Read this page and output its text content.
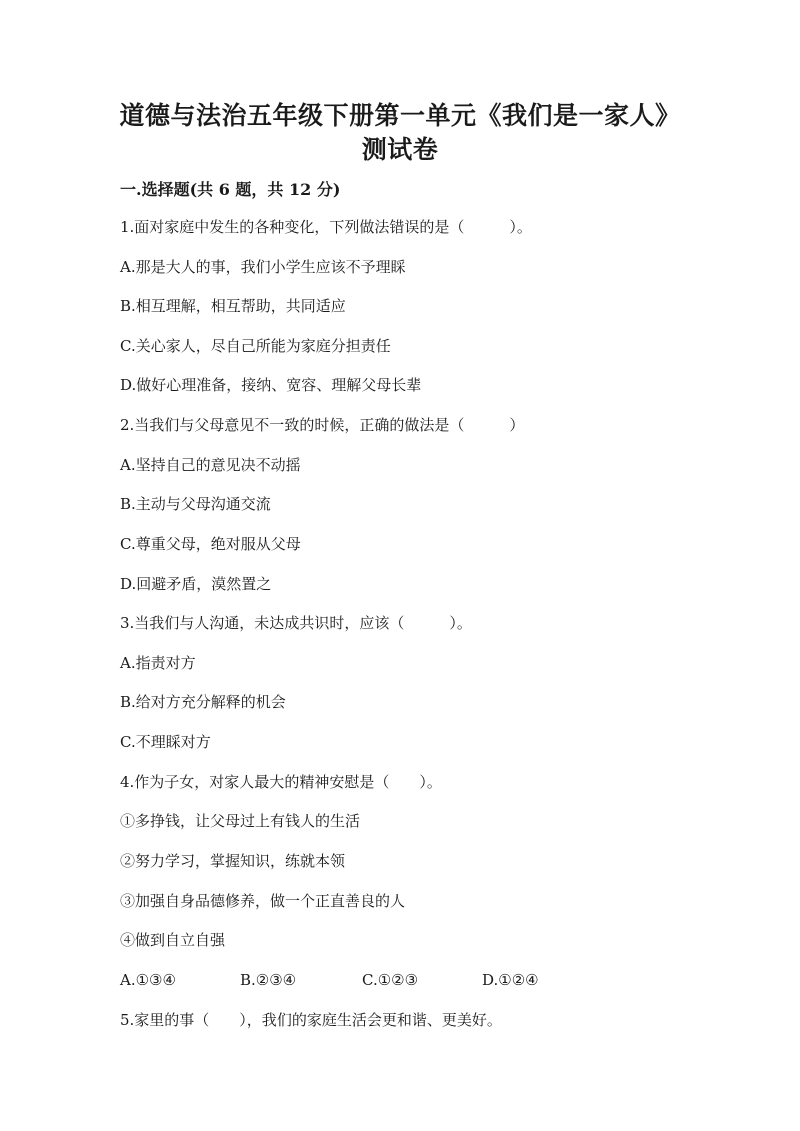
道德与法治五年级下册第一单元《我们是一家人》
测试卷
一.选择题(共 6 题，共 12 分)
1.面对家庭中发生的各种变化，下列做法错误的是（　　　）。
A.那是大人的事，我们小学生应该不予理睬
B.相互理解，相互帮助，共同适应
C.关心家人，尽自己所能为家庭分担责任
D.做好心理准备，接纳、宽容、理解父母长辈
2.当我们与父母意见不一致的时候，正确的做法是（　　　）
A.坚持自己的意见决不动摇
B.主动与父母沟通交流
C.尊重父母，绝对服从父母
D.回避矛盾，漠然置之
3.当我们与人沟通，未达成共识时，应该（　　　）。
A.指责对方
B.给对方充分解释的机会
C.不理睬对方
4.作为子女，对家人最大的精神安慰是（　　）。
①多挣钱，让父母过上有钱人的生活
②努力学习，掌握知识，练就本领
③加强自身品德修养，做一个正直善良的人
④做到自立自强
A.①③④	B.②③④	C.①②③	D.①②④
5.家里的事（　　），我们的家庭生活会更和谐、更美好。
